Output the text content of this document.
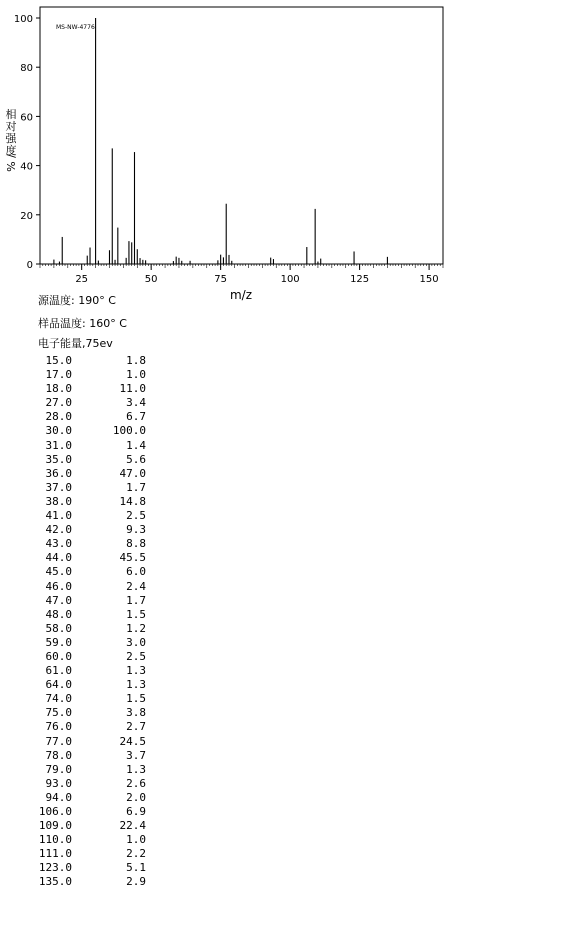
MS-NW-4776
0
20
40
60
80
100
25	50	75	100	125	150
相
对
强
度
% /
m/z
源温度: 190° C
样品温度: 160° C
电子能量,75ev
15.0	1.8
17.0	1.0
18.0	11.0
27.0	3.4
28.0	6.7
30.0	100.0
31.0	1.4
35.0	5.6
36.0	47.0
37.0	1.7
38.0	14.8
41.0	2.5
42.0	9.3
43.0	8.8
44.0	45.5
45.0	6.0
46.0	2.4
47.0	1.7
48.0	1.5
58.0	1.2
59.0	3.0
60.0	2.5
61.0	1.3
64.0	1.3
74.0	1.5
75.0	3.8
76.0	2.7
77.0	24.5
78.0	3.7
79.0	1.3
93.0	2.6
94.0	2.0
106.0	6.9
109.0	22.4
110.0	1.0
111.0	2.2
123.0	5.1
135.0	2.9
